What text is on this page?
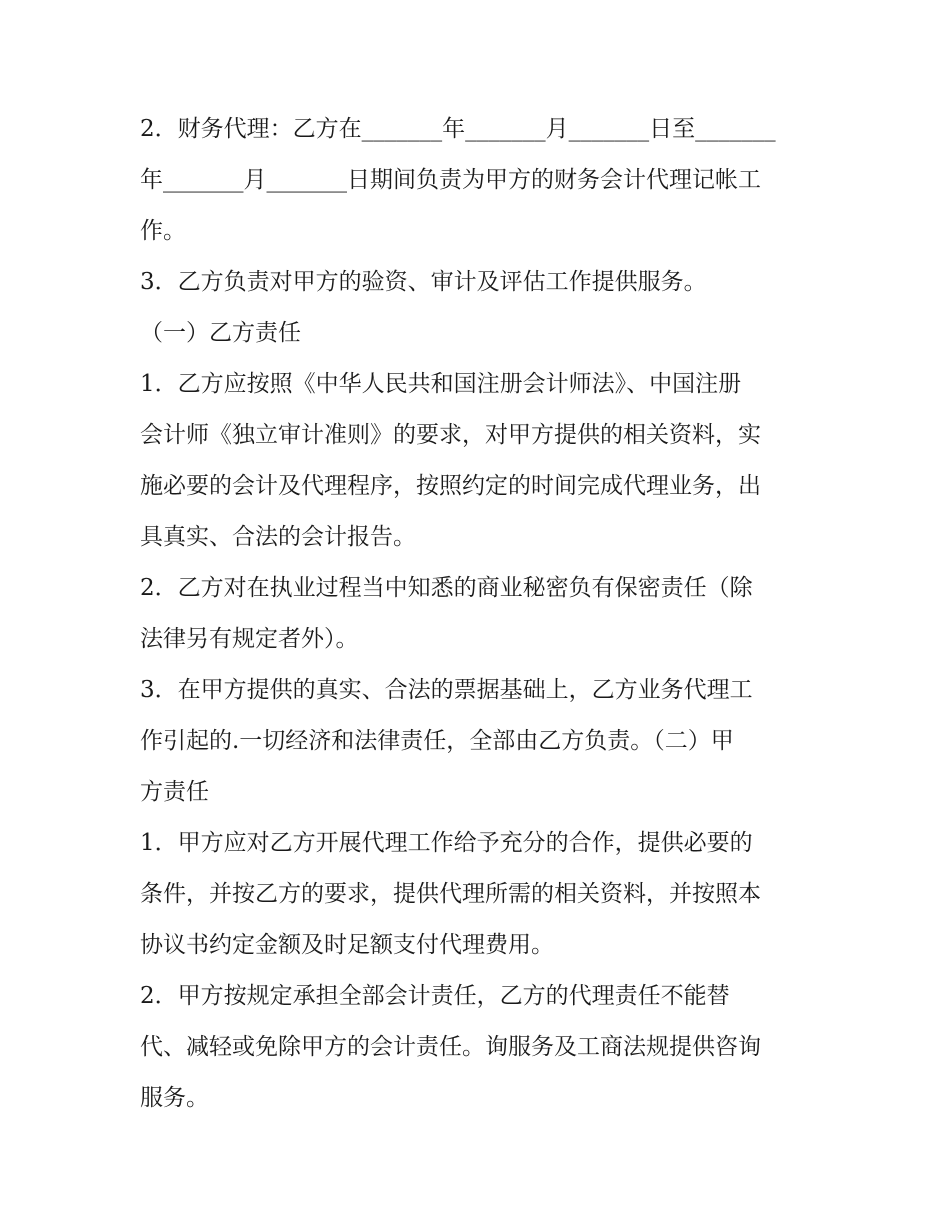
2．财务代理：乙方在_______年_______月_______日至_______
年_______月_______日期间负责为甲方的财务会计代理记帐工
作。
3．乙方负责对甲方的验资、审计及评估工作提供服务。
（一）乙方责任
1．乙方应按照《中华人民共和国注册会计师法》、中国注册
会计师《独立审计准则》的要求，对甲方提供的相关资料，实
施必要的会计及代理程序，按照约定的时间完成代理业务，出
具真实、合法的会计报告。
2．乙方对在执业过程当中知悉的商业秘密负有保密责任（除
法律另有规定者外）。
3．在甲方提供的真实、合法的票据基础上，乙方业务代理工
作引起的.一切经济和法律责任，全部由乙方负责。（二）甲
方责任
1．甲方应对乙方开展代理工作给予充分的合作，提供必要的
条件，并按乙方的要求，提供代理所需的相关资料，并按照本
协议书约定金额及时足额支付代理费用。
2．甲方按规定承担全部会计责任，乙方的代理责任不能替
代、减轻或免除甲方的会计责任。询服务及工商法规提供咨询
服务。
